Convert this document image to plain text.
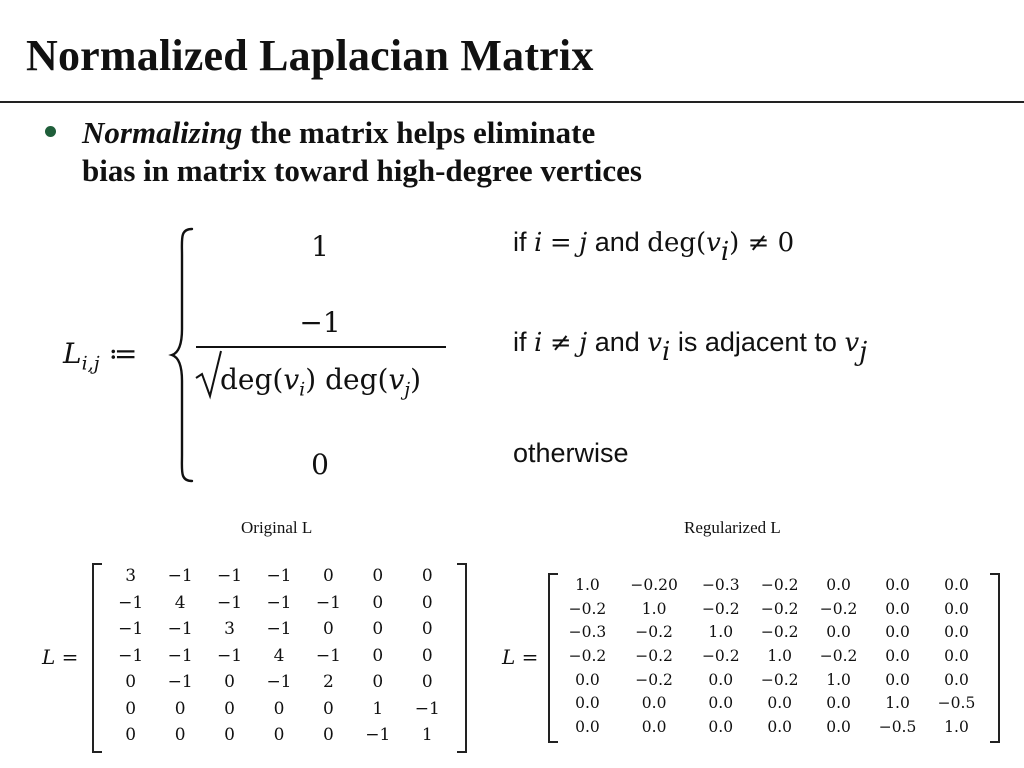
Normalized Laplacian Matrix
Normalizing the matrix helps eliminate
bias in matrix toward high-degree vertices
$L_{i,j}$ ≔
1
−1
$deg(v_i)$ $deg(v_j)$
0
if i = j and deg(vi) ≠ 0
if i ≠ j and vi is adjacent to vj
otherwise
Original L
L =
3	−1	−1	−1	0	0	0
−1	4	−1	−1	−1	0	0
−1	−1	3	−1	0	0	0
−1	−1	−1	4	−1	0	0
0	−1	0	−1	2	0	0
0	0	0	0	0	1	−1
0	0	0	0	0	−1	1
Regularized L
L =
1.0	−0.20	−0.3	−0.2	0.0	0.0	0.0
−0.2	1.0	−0.2	−0.2	−0.2	0.0	0.0
−0.3	−0.2	1.0	−0.2	0.0	0.0	0.0
−0.2	−0.2	−0.2	1.0	−0.2	0.0	0.0
0.0	−0.2	0.0	−0.2	1.0	0.0	0.0
0.0	0.0	0.0	0.0	0.0	1.0	−0.5
0.0	0.0	0.0	0.0	0.0	−0.5	1.0
